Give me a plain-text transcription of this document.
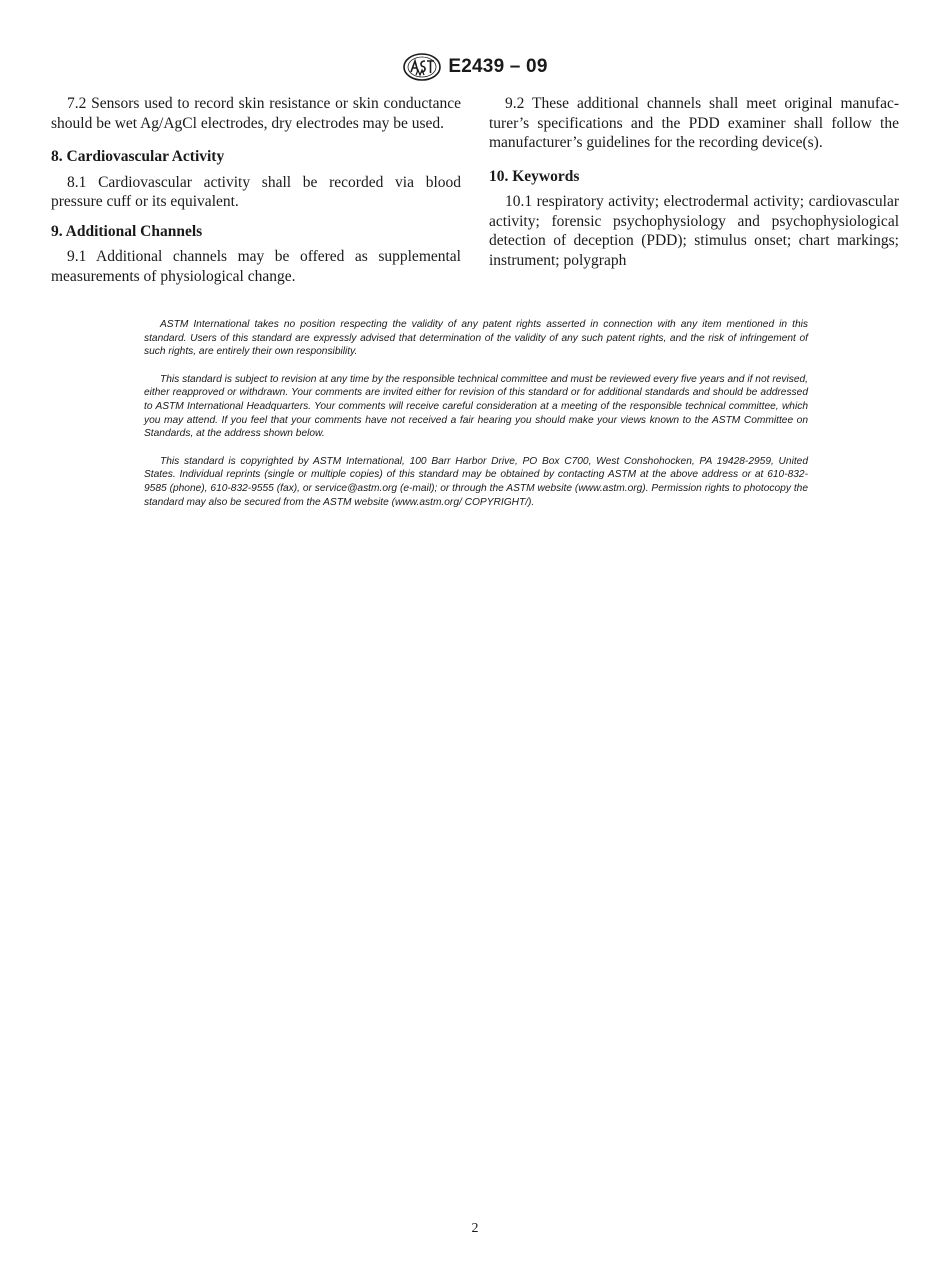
E2439 – 09

7.2 Sensors used to record skin resistance or skin conductance should be wet Ag/AgCl electrodes, dry electrodes may be used.

8. Cardiovascular Activity

8.1 Cardiovascular activity shall be recorded via blood pressure cuff or its equivalent.

9. Additional Channels

9.1 Additional channels may be offered as supplemental measurements of physiological change.

9.2 These additional channels shall meet original manufacturer’s specifications and the PDD examiner shall follow the manufacturer’s guidelines for the recording device(s).

10. Keywords

10.1 respiratory activity; electrodermal activity; cardiovascular activity; forensic psychophysiology and psychophysiological detection of deception (PDD); stimulus onset; chart markings; instrument; polygraph

ASTM International takes no position respecting the validity of any patent rights asserted in connection with any item mentioned in this standard. Users of this standard are expressly advised that determination of the validity of any such patent rights, and the risk of infringement of such rights, are entirely their own responsibility.

This standard is subject to revision at any time by the responsible technical committee and must be reviewed every five years and if not revised, either reapproved or withdrawn. Your comments are invited either for revision of this standard or for additional standards and should be addressed to ASTM International Headquarters. Your comments will receive careful consideration at a meeting of the responsible technical committee, which you may attend. If you feel that your comments have not received a fair hearing you should make your views known to the ASTM Committee on Standards, at the address shown below.

This standard is copyrighted by ASTM International, 100 Barr Harbor Drive, PO Box C700, West Conshohocken, PA 19428-2959, United States. Individual reprints (single or multiple copies) of this standard may be obtained by contacting ASTM at the above address or at 610-832-9585 (phone), 610-832-9555 (fax), or service@astm.org (e-mail); or through the ASTM website (www.astm.org). Permission rights to photocopy the standard may also be secured from the ASTM website (www.astm.org/ COPYRIGHT/).

2
